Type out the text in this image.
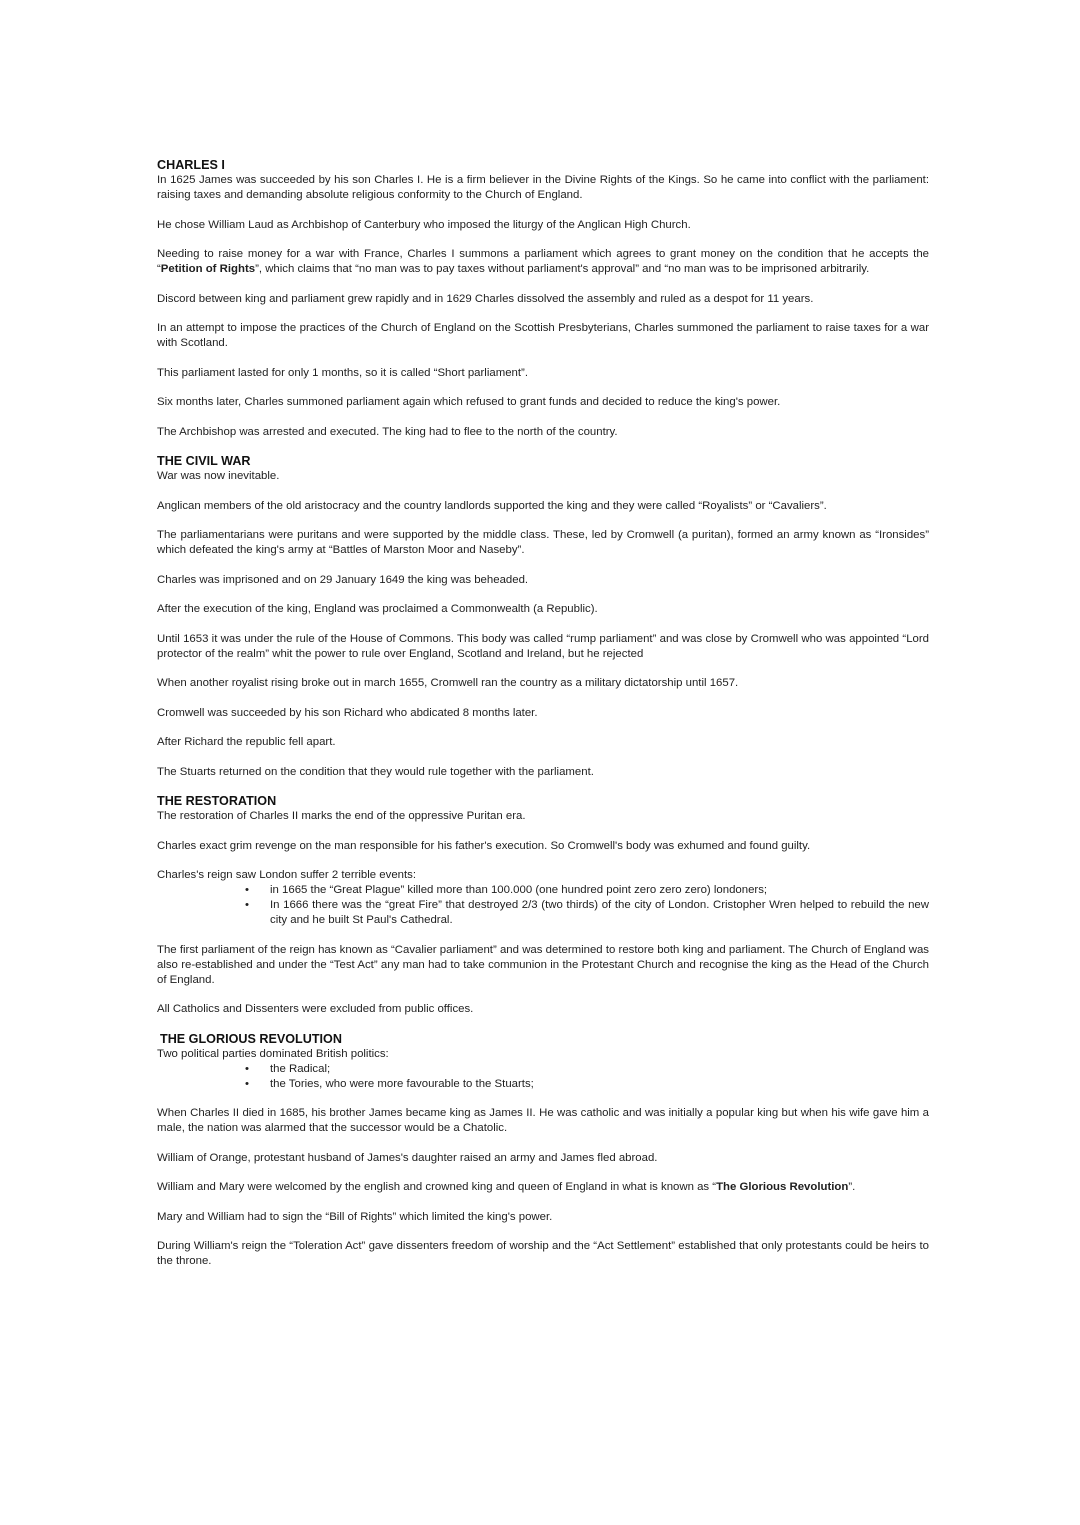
CHARLES I

In 1625 James was succeeded by his son Charles I. He is a firm believer in the Divine Rights of the Kings. So he came into conflict with the parliament: raising taxes and demanding absolute religious conformity to the Church of England.

He chose William Laud as Archbishop of Canterbury who imposed the liturgy of the Anglican High Church.

Needing to raise money for a war with France, Charles I summons a parliament which agrees to grant money on the condition that he accepts the “Petition of Rights”, which claims that “no man was to pay taxes without parliament's approval” and “no man was to be imprisoned arbitrarily.

Discord between king and parliament grew rapidly and in 1629 Charles dissolved the assembly and ruled as a despot for 11 years.

In an attempt to impose the practices of the Church of England on the Scottish Presbyterians, Charles summoned the parliament to raise taxes for a war with Scotland.

This parliament lasted for only 1 months, so it is called “Short parliament”.

Six months later, Charles summoned parliament again which refused to grant funds and decided to reduce the king's power.

The Archbishop was arrested and executed. The king had to flee to the north of the country.

THE CIVIL WAR

War was now inevitable.

Anglican members of the old aristocracy and the country landlords supported the king and they were called “Royalists” or “Cavaliers”.

The parliamentarians were puritans and were supported by the middle class. These, led by Cromwell (a puritan), formed an army known as “Ironsides” which defeated the king's army at “Battles of Marston Moor and Naseby”.

Charles was imprisoned and on 29 January 1649 the king was beheaded.

After the execution of the king, England was proclaimed a Commonwealth (a Republic).

Until 1653 it was under the rule of the House of Commons. This body was called “rump parliament” and was close by Cromwell who was appointed “Lord protector of the realm” whit the power to rule over England, Scotland and Ireland, but he rejected

When another royalist rising broke out in march 1655, Cromwell ran the country as a military dictatorship until 1657.

Cromwell was succeeded by his son Richard who abdicated 8 months later.

After Richard the republic fell apart.

The Stuarts returned on the condition that they would rule together with the parliament.

THE RESTORATION

The restoration of Charles II marks the end of the oppressive Puritan era.

Charles exact grim revenge on the man responsible for his father's execution. So Cromwell's body was exhumed and found guilty.

Charles's reign saw London suffer 2 terrible events:

• in 1665 the “Great Plague” killed more than 100.000 (one hundred point zero zero zero) londoners;
• In 1666 there was the “great Fire” that destroyed 2/3 (two thirds) of the city of London. Cristopher Wren helped to rebuild the new city and he built St Paul's Cathedral.

The first parliament of the reign has known as “Cavalier parliament” and was determined to restore both king and parliament. The Church of England was also re-established and under the “Test Act” any man had to take communion in the Protestant Church and recognise the king as the Head of the Church of England.

All Catholics and Dissenters were excluded from public offices.

THE GLORIOUS REVOLUTION

Two political parties dominated British politics:

• the Radical;
• the Tories, who were more favourable to the Stuarts;

When Charles II died in 1685, his brother James became king as James II. He was catholic and was initially a popular king but when his wife gave him a male, the nation was alarmed that the successor would be a Chatolic.

William of Orange, protestant husband of James's daughter raised an army and James fled abroad.

William and Mary were welcomed by the english and crowned king and queen of England in what is known as “The Glorious Revolution”.

Mary and William had to sign the “Bill of Rights” which limited the king's power.

During William's reign the “Toleration Act” gave dissenters freedom of worship and the “Act Settlement” established that only protestants could be heirs to the throne.
